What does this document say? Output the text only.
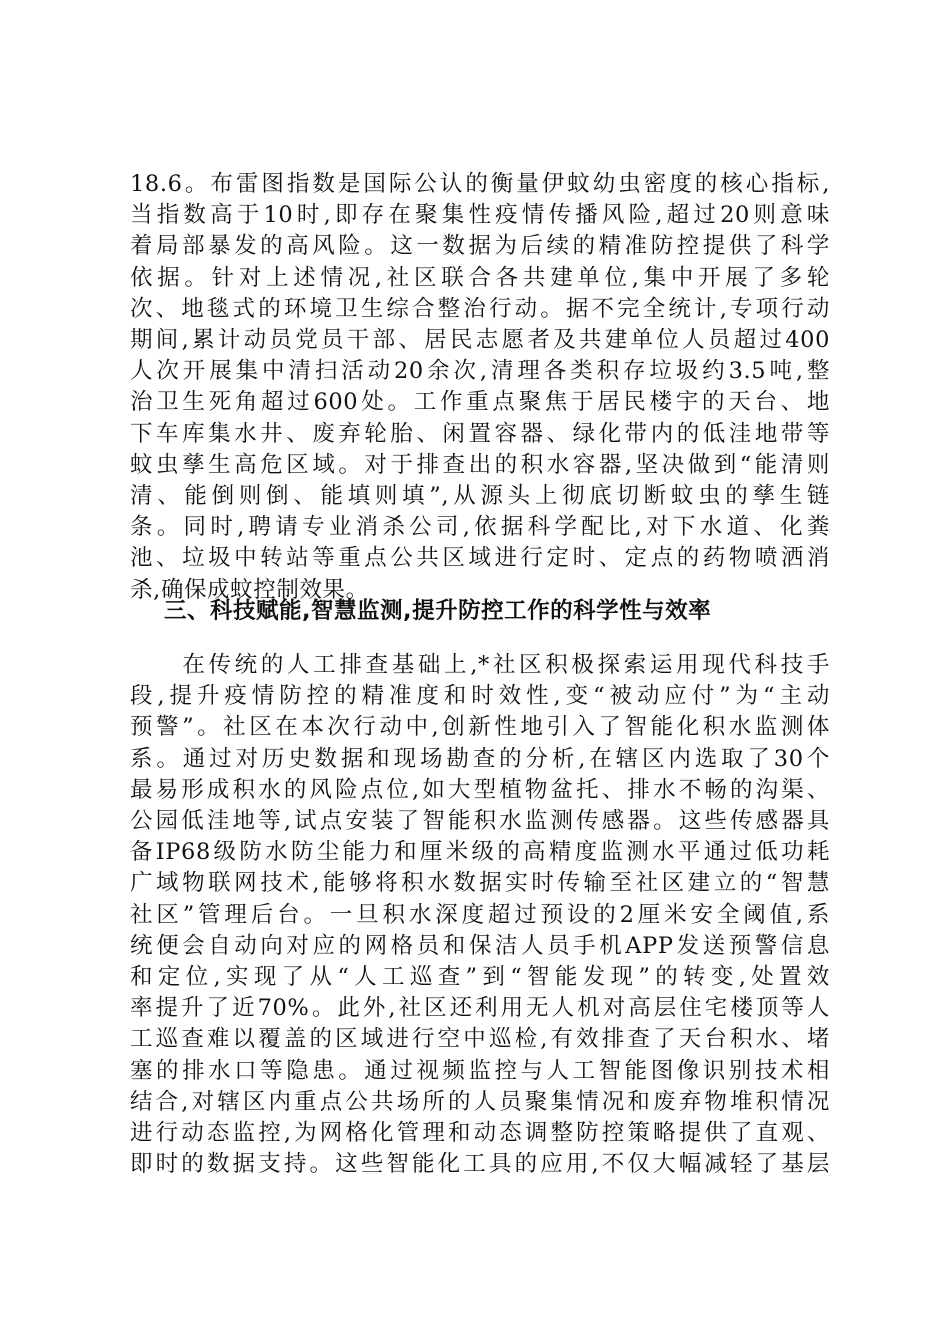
18.6。布雷图指数是国际公认的衡量伊蚊幼虫密度的核心指标,
当指数高于10时,即存在聚集性疫情传播风险,超过20则意味
着局部暴发的高风险。这一数据为后续的精准防控提供了科学
依据。针对上述情况,社区联合各共建单位,集中开展了多轮
次、地毯式的环境卫生综合整治行动。据不完全统计,专项行动
期间,累计动员党员干部、居民志愿者及共建单位人员超过400
人次开展集中清扫活动20余次,清理各类积存垃圾约3.5吨,整
治卫生死角超过600处。工作重点聚焦于居民楼宇的天台、地
下车库集水井、废弃轮胎、闲置容器、绿化带内的低洼地带等
蚊虫孳生高危区域。对于排查出的积水容器,坚决做到“能清则
清、能倒则倒、能填则填”,从源头上彻底切断蚊虫的孳生链
条。同时,聘请专业消杀公司,依据科学配比,对下水道、化粪
池、垃圾中转站等重点公共区域进行定时、定点的药物喷洒消
杀,确保成蚊控制效果。
三、科技赋能,智慧监测,提升防控工作的科学性与效率
　　在传统的人工排查基础上,*社区积极探索运用现代科技手
段,提升疫情防控的精准度和时效性,变“被动应付”为“主动
预警”。社区在本次行动中,创新性地引入了智能化积水监测体
系。通过对历史数据和现场勘查的分析,在辖区内选取了30个
最易形成积水的风险点位,如大型植物盆托、排水不畅的沟渠、
公园低洼地等,试点安装了智能积水监测传感器。这些传感器具
备IP68级防水防尘能力和厘米级的高精度监测水平通过低功耗
广域物联网技术,能够将积水数据实时传输至社区建立的“智慧
社区”管理后台。一旦积水深度超过预设的2厘米安全阈值,系
统便会自动向对应的网格员和保洁人员手机APP发送预警信息
和定位,实现了从“人工巡查”到“智能发现”的转变,处置效
率提升了近70%。此外,社区还利用无人机对高层住宅楼顶等人
工巡查难以覆盖的区域进行空中巡检,有效排查了天台积水、堵
塞的排水口等隐患。通过视频监控与人工智能图像识别技术相
结合,对辖区内重点公共场所的人员聚集情况和废弃物堆积情况
进行动态监控,为网格化管理和动态调整防控策略提供了直观、
即时的数据支持。这些智能化工具的应用,不仅大幅减轻了基层
